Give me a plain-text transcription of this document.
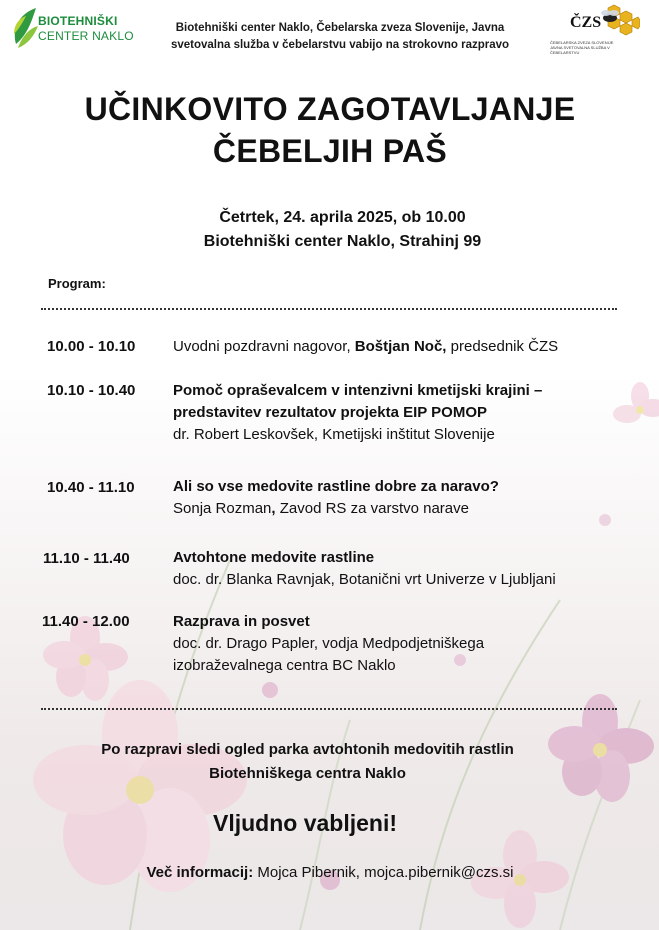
BIOTEHNIŠKI
CENTER NAKLO
Biotehniški center Naklo, Čebelarska zveza Slovenije, Javna
svetovalna služba v čebelarstvu vabijo na strokovno razpravo
ČZS
ČEBELARSKA ZVEZA SLOVENIJE
JAVNA SVETOVALNA SLUŽBA V ČEBELARSTVU
UČINKOVITO ZAGOTAVLJANJE
ČEBELJIH PAŠ
Četrtek, 24. aprila 2025, ob 10.00
Biotehniški center Naklo, Strahinj 99
Program:
10.00 - 10.10	Uvodni pozdravni nagovor, Boštjan Noč, predsednik ČZS
10.10 - 10.40	Pomoč opraševalcem v intenzivni kmetijski krajini –
predstavitev rezultatov projekta EIP POMOP
dr. Robert Leskovšek, Kmetijski inštitut Slovenije
10.40 - 11.10	Ali so vse medovite rastline dobre za naravo?
Sonja Rozman, Zavod RS za varstvo narave
11.10 - 11.40	Avtohtone medovite rastline
doc. dr. Blanka Ravnjak, Botanični vrt Univerze v Ljubljani
11.40 - 12.00	Razprava in posvet
doc. dr. Drago Papler, vodja Medpodjetniškega
izobraževalnega centra BC Naklo
Po razpravi sledi ogled parka avtohtonih medovitih rastlin
Biotehniškega centra Naklo
Vljudno vabljeni!
Več informacij: Mojca Pibernik, mojca.pibernik@czs.si
